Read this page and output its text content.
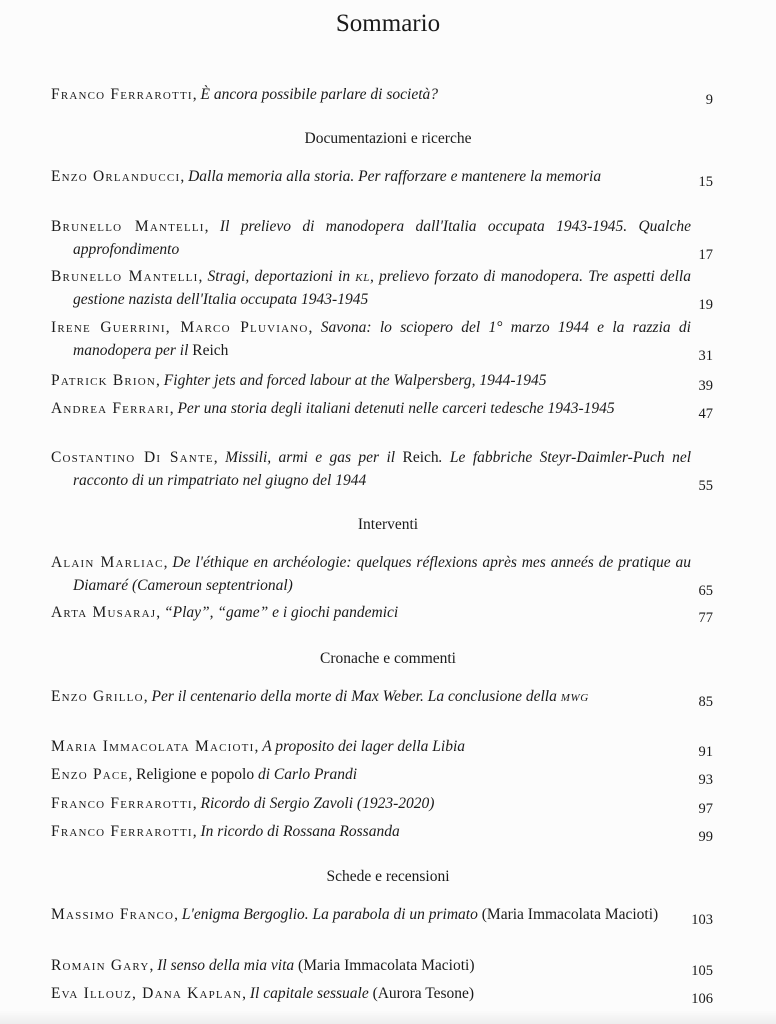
Sommario
Franco Ferrarotti, È ancora possibile parlare di società?	9
Documentazioni e ricerche
Enzo Orlanducci, Dalla memoria alla storia. Per rafforzare e mantenere la memoria	15
Brunello Mantelli, Il prelievo di manodopera dall'Italia occupata 1943-1945. Qualche approfondimento	17
Brunello Mantelli, Stragi, deportazioni in kl, prelievo forzato di manodopera. Tre aspetti della gestione nazista dell'Italia occupata 1943-1945	19
Irene Guerrini, Marco Pluviano, Savona: lo sciopero del 1° marzo 1944 e la razzia di manodopera per il Reich	31
Patrick Brion, Fighter jets and forced labour at the Walpersberg, 1944-1945	39
Andrea Ferrari, Per una storia degli italiani detenuti nelle carceri tedesche 1943-1945	47
Costantino Di Sante, Missili, armi e gas per il Reich. Le fabbriche Steyr-Daimler-Puch nel racconto di un rimpatriato nel giugno del 1944	55
Interventi
Alain Marliac, De l'éthique en archéologie: quelques réflexions après mes anneés de pratique au Diamaré (Cameroun septentrional)	65
Arta Musaraj, “Play”, “game” e i giochi pandemici	77
Cronache e commenti
Enzo Grillo, Per il centenario della morte di Max Weber. La conclusione della mwg	85
Maria Immacolata Macioti, A proposito dei lager della Libia	91
Enzo Pace, Religione e popolo di Carlo Prandi	93
Franco Ferrarotti, Ricordo di Sergio Zavoli (1923-2020)	97
Franco Ferrarotti, In ricordo di Rossana Rossanda	99
Schede e recensioni
Massimo Franco, L'enigma Bergoglio. La parabola di un primato (Maria Immacolata Macioti)	103
Romain Gary, Il senso della mia vita (Maria Immacolata Macioti)	105
Eva Illouz, Dana Kaplan, Il capitale sessuale (Aurora Tesone)	106
